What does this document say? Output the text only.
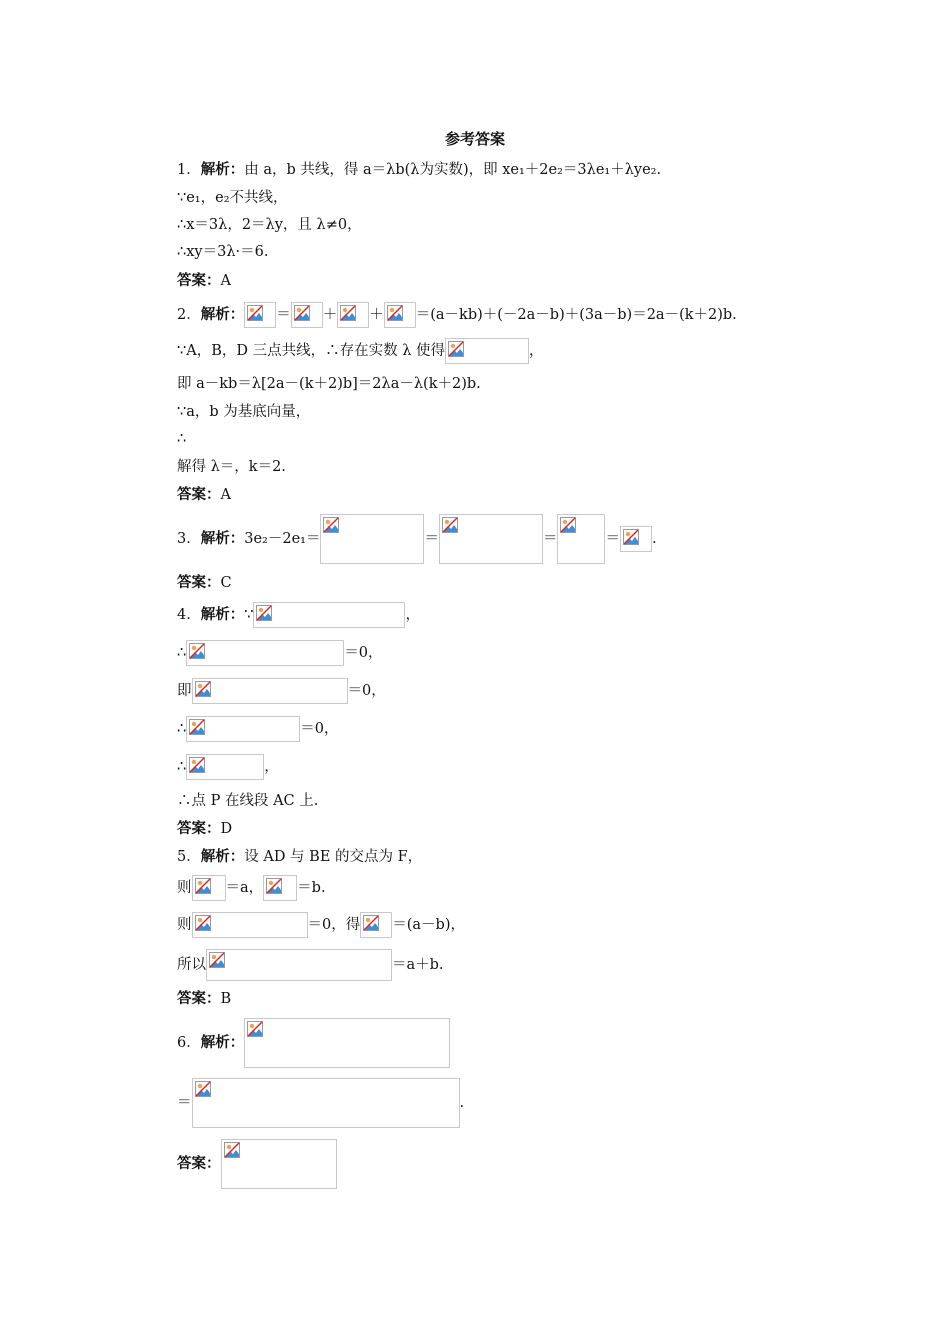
参考答案
1． 解析： 由 a，b 共线，得 a＝λb(λ为实数)，即 xe₁＋2e₂＝3λe₁＋λye₂.
∵e₁，e₂不共线，
∴x＝3λ，2＝λy，且 λ≠0，
∴xy＝3λ·＝6.
答案： A
2． 解析： ＝ ＋ ＋ ＝(a－kb)＋(－2a－b)＋(3a－b)＝2a－(k＋2)b.
∵A，B，D 三点共线，∴存在实数 λ 使得	，
即 a－kb＝λ[2a－(k＋2)b]＝2λa－λ(k＋2)b.
∵a，b 为基底向量，
∴
解得 λ＝，k＝2.
答案： A
3． 解析： 3e₂－2e₁＝	＝	＝	＝ .
答案： C
4． 解析： ∵	，
∴	＝0，
即	＝0，
∴	＝0，
∴	，
∴点 P 在线段 AC 上.
答案： D
5． 解析： 设 AD 与 BE 的交点为 F，
则 ＝a， ＝b.
则	＝0，得 ＝(a－b)，
所以	＝a＋b.
答案： B
6． 解析：
＝	.
答案：
